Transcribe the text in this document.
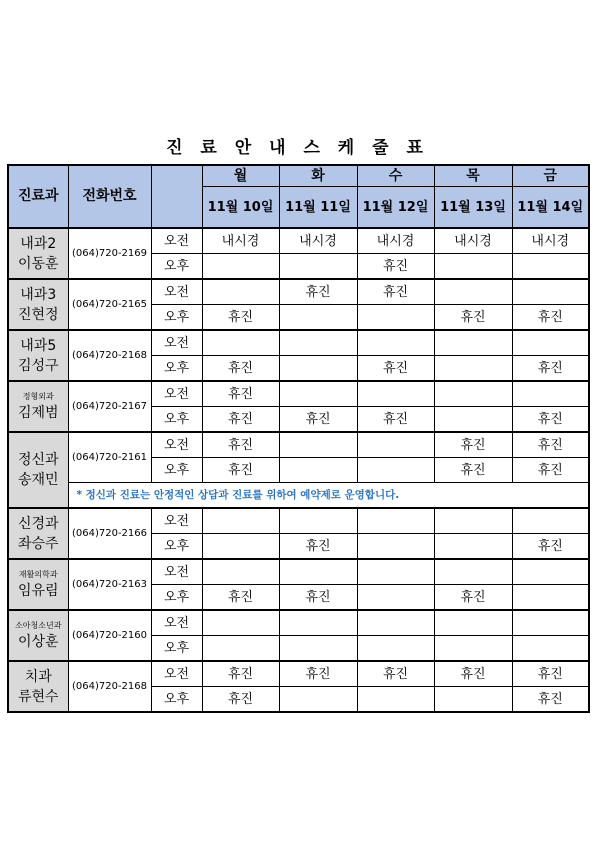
진 료 안 내 스 케 줄 표
진료과	전화번호		월	화	수	목	금
			11월 10일	11월 11일	11월 12일	11월 13일	11월 14일

내과2
이동훈	(064)720-2169	오전	내시경	내시경	내시경	내시경	내시경
		오후			휴진		

내과3
진현정	(064)720-2165	오전		휴진	휴진		
		오후	휴진			휴진	휴진

내과5
김성구	(064)720-2168	오전					
		오후	휴진		휴진		휴진

정형외과
김제범	(064)720-2167	오전	휴진				
		오후	휴진	휴진	휴진		휴진

정신과
송재민	(064)720-2161	오전	휴진			휴진	휴진
		오후	휴진			휴진	휴진
	* 정신과 진료는 안정적인 상담과 진료를 위하여 예약제로 운영합니다.						

신경과
좌승주	(064)720-2166	오전					
		오후		휴진			휴진

재활의학과
임유림	(064)720-2163	오전					
		오후	휴진	휴진		휴진	

소아청소년과
이상훈	(064)720-2160	오전					
		오후					

치과
류현수	(064)720-2168	오전	휴진	휴진	휴진	휴진	휴진
		오후	휴진				휴진
